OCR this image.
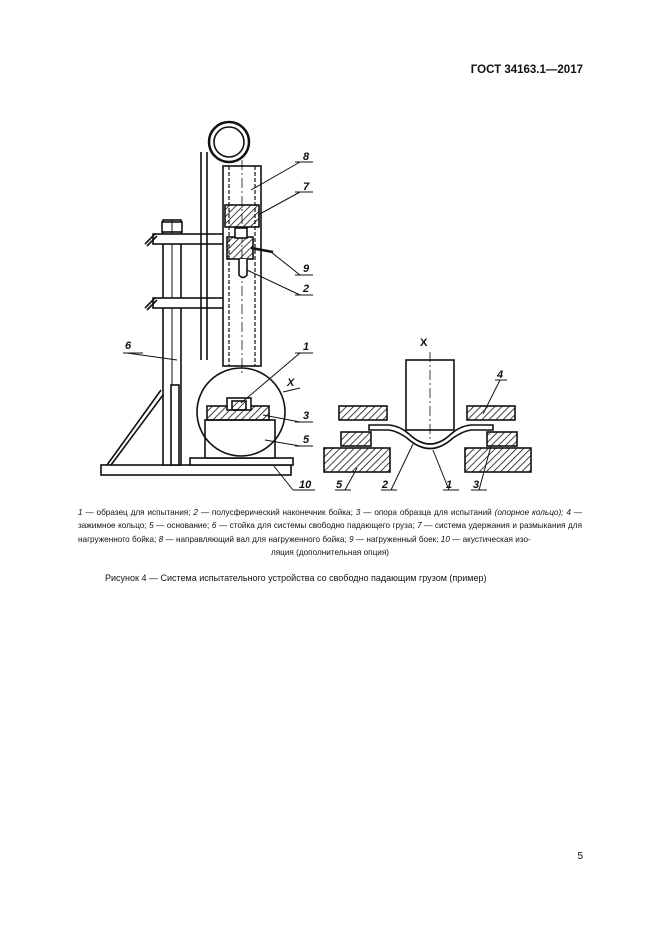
ГОСТ 34163.1—2017
8
7
9
2
6	1
X
3
5
10
X
4
5	2	1 3
1 — образец для испытания; 2 — полусферический наконечник бойка; 3 — опора образца для испытаний (опорное кольцо); 4 — зажимное кольцо; 5 — основание; 6 — стойка для системы свободно падающего груза; 7 — система удержания и размыкания для нагруженного бойка; 8 — направляющий вал для нагруженного бойка; 9 — нагруженный боек; 10 — акустическая изо-
ляция (дополнительная опция)
Рисунок 4 — Система испытательного устройства со свободно падающим грузом (пример)
5
